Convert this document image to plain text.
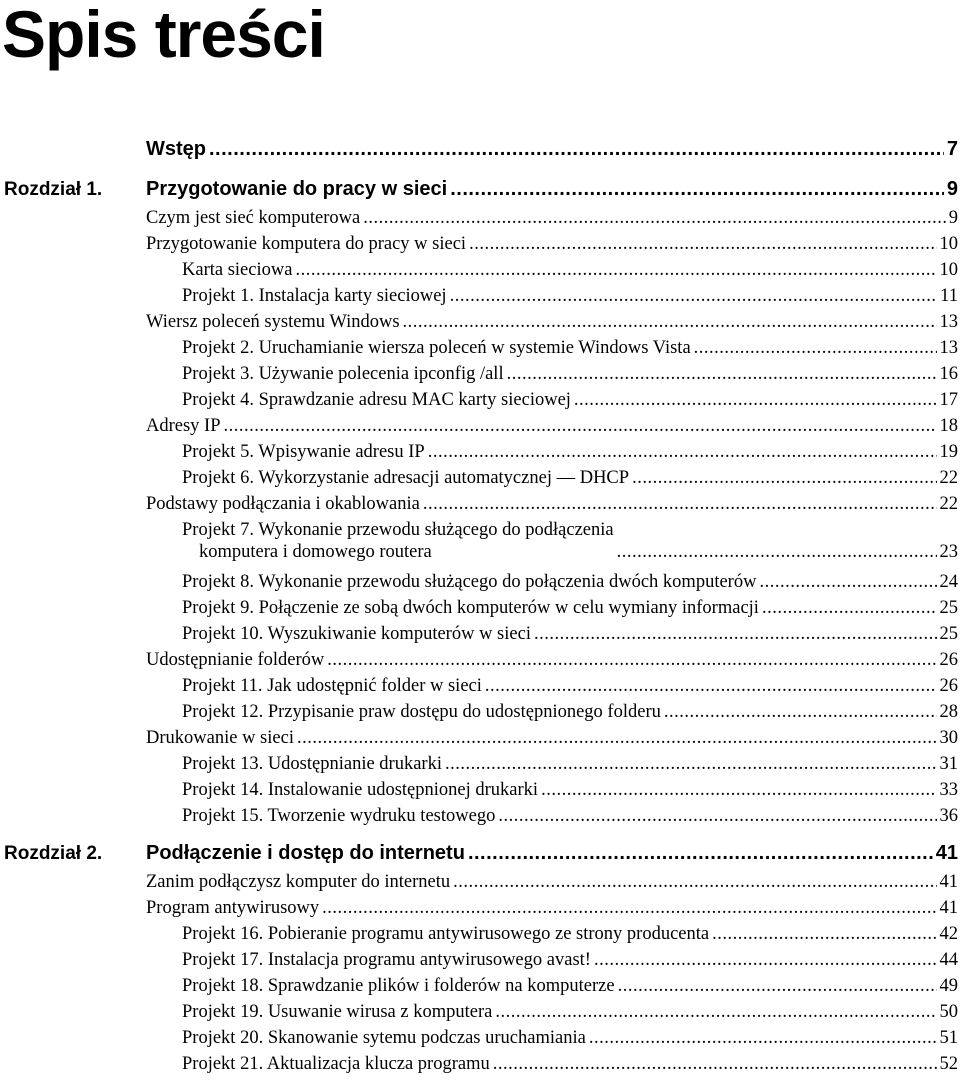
Spis treści
Wstęp .....	7
Rozdział 1. Przygotowanie do pracy w sieci .....	9
Czym jest sieć komputerowa .....	9
Przygotowanie komputera do pracy w sieci .....	10
Karta sieciowa .....	10
Projekt 1. Instalacja karty sieciowej .....	11
Wiersz poleceń systemu Windows .....	13
Projekt 2. Uruchamianie wiersza poleceń w systemie Windows Vista .....	13
Projekt 3. Używanie polecenia ipconfig /all .....	16
Projekt 4. Sprawdzanie adresu MAC karty sieciowej .....	17
Adresy IP .....	18
Projekt 5. Wpisywanie adresu IP .....	19
Projekt 6. Wykorzystanie adresacji automatycznej — DHCP .....	22
Podstawy podłączania i okablowania .....	22
Projekt 7. Wykonanie przewodu służącego do podłączenia
komputera i domowego routera .....	23
Projekt 8. Wykonanie przewodu służącego do połączenia dwóch komputerów .....	24
Projekt 9. Połączenie ze sobą dwóch komputerów w celu wymiany informacji .....	25
Projekt 10. Wyszukiwanie komputerów w sieci .....	25
Udostępnianie folderów .....	26
Projekt 11. Jak udostępnić folder w sieci .....	26
Projekt 12. Przypisanie praw dostępu do udostępnionego folderu .....	28
Drukowanie w sieci .....	30
Projekt 13. Udostępnianie drukarki .....	31
Projekt 14. Instalowanie udostępnionej drukarki .....	33
Projekt 15. Tworzenie wydruku testowego .....	36
Rozdział 2. Podłączenie i dostęp do internetu .....	41
Zanim podłączysz komputer do internetu .....	41
Program antywirusowy .....	41
Projekt 16. Pobieranie programu antywirusowego ze strony producenta .....	42
Projekt 17. Instalacja programu antywirusowego avast! .....	44
Projekt 18. Sprawdzanie plików i folderów na komputerze .....	49
Projekt 19. Usuwanie wirusa z komputera .....	50
Projekt 20. Skanowanie sytemu podczas uruchamiania .....	51
Projekt 21. Aktualizacja klucza programu .....	52
